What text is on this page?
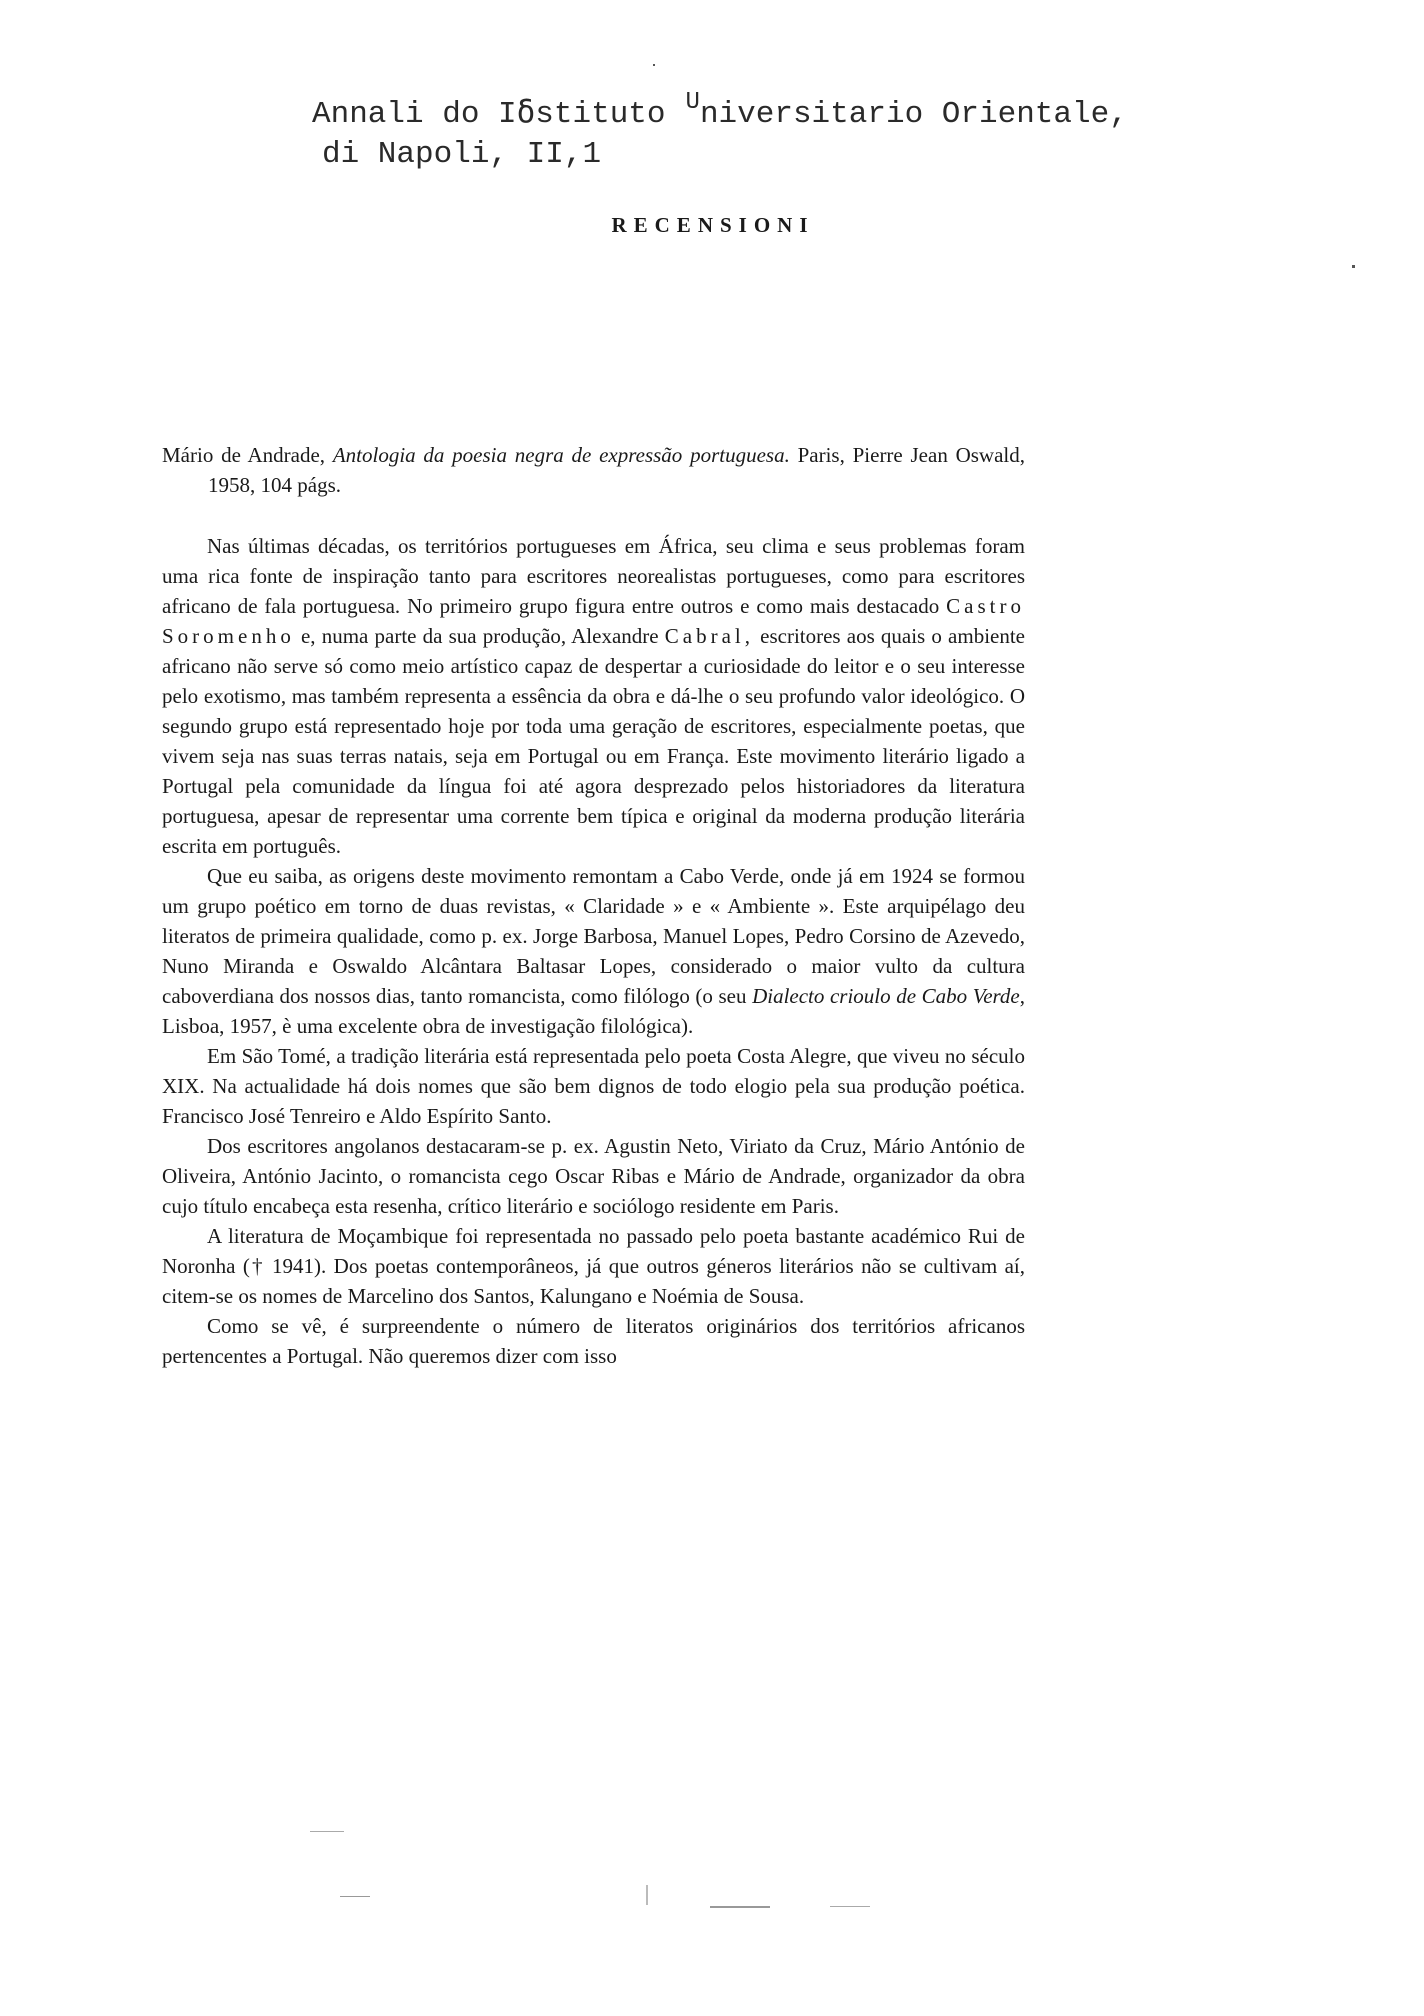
Annali do Iẟstituto $^U$niversitario Orientale,
di Napoli, II,1
RECENSIONI

Mário de Andrade, Antologia da poesia negra de expressão portuguesa. Paris, Pierre Jean Oswald, 1958, 104 págs.

Nas últimas décadas, os territórios portugueses em África, seu clima e seus problemas foram uma rica fonte de inspiração tanto para escritores neorealistas portugueses, como para escritores africano de fala portuguesa. No primeiro grupo figura entre outros e como mais destacado Castro Soromenho e, numa parte da sua produção, Alexandre Cabral, escritores aos quais o ambiente africano não serve só como meio artístico capaz de despertar a curiosidade do leitor e o seu interesse pelo exotismo, mas também representa a essência da obra e dá-lhe o seu profundo valor ideológico. O segundo grupo está representado hoje por toda uma geração de escritores, especialmente poetas, que vivem seja nas suas terras natais, seja em Portugal ou em França. Este movimento literário ligado a Portugal pela comunidade da língua foi até agora desprezado pelos historiadores da literatura portuguesa, apesar de representar uma corrente bem típica e original da moderna produção literária escrita em português.

Que eu saiba, as origens deste movimento remontam a Cabo Verde, onde já em 1924 se formou um grupo poético em torno de duas revistas, « Claridade » e « Ambiente ». Este arquipélago deu literatos de primeira qualidade, como p. ex. Jorge Barbosa, Manuel Lopes, Pedro Corsino de Azevedo, Nuno Miranda e Oswaldo Alcântara Baltasar Lopes, considerado o maior vulto da cultura caboverdiana dos nossos dias, tanto romancista, como filólogo (o seu Dialecto crioulo de Cabo Verde, Lisboa, 1957, è uma excelente obra de investigação filológica).

Em São Tomé, a tradição literária está representada pelo poeta Costa Alegre, que viveu no século XIX. Na actualidade há dois nomes que são bem dignos de todo elogio pela sua produção poética. Francisco José Tenreiro e Aldo Espírito Santo.

Dos escritores angolanos destacaram-se p. ex. Agustin Neto, Viriato da Cruz, Mário António de Oliveira, António Jacinto, o romancista cego Oscar Ribas e Mário de Andrade, organizador da obra cujo título encabeça esta resenha, crítico literário e sociólogo residente em Paris.

A literatura de Moçambique foi representada no passado pelo poeta bastante académico Rui de Noronha († 1941). Dos poetas contemporâneos, já que outros géneros literários não se cultivam aí, citem-se os nomes de Marcelino dos Santos, Kalungano e Noémia de Sousa.

Como se vê, é surpreendente o número de literatos originários dos territórios africanos pertencentes a Portugal. Não queremos dizer com isso
